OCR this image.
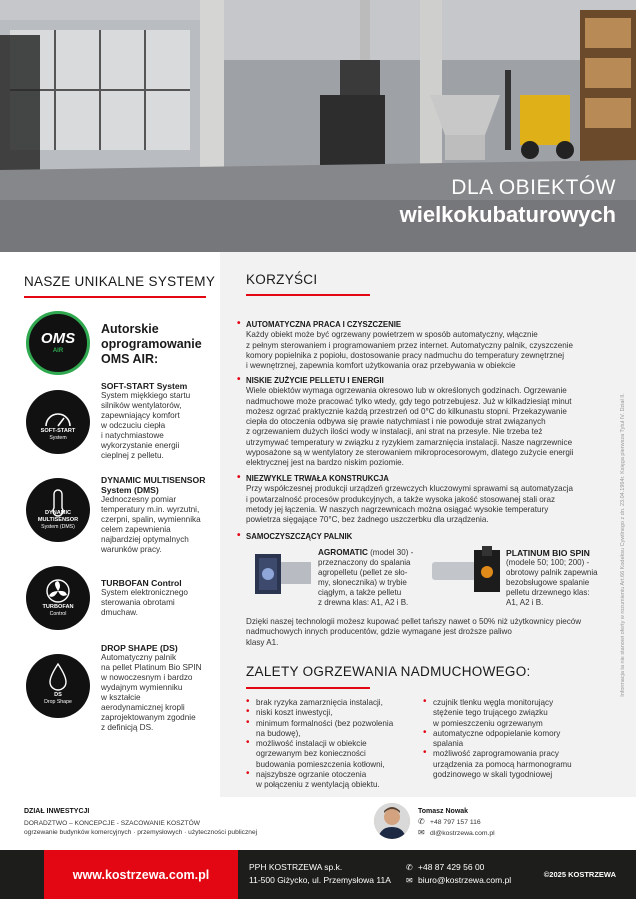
DLA OBIEKTÓW
wielkokubaturowych
NASZE UNIKALNE SYSTEMY
OMS
AIR
Autorskie
oprogramowanie
OMS AIR:
SOFT-START
System
DYNAMIC MULTISENSOR
System (DMS)
TURBOFAN
Control
DS
Drop Shape
SOFT-START System
System miękkiego startu
silników wentylatorów,
zapewniający komfort
w odczuciu ciepła
i natychmiastowe
wykorzystanie energii
cieplnej z pelletu.
DYNAMIC MULTISENSOR System (DMS)
Jednoczesny pomiar
temperatury m.in. wyrzutni,
czerpni, spalin, wymiennika
celem zapewnienia
najbardziej optymalnych
warunków pracy.
TURBOFAN Control
System elektronicznego
sterowania obrotami
dmuchaw.
DROP SHAPE (DS)
Automatyczny palnik
na pellet Platinum Bio SPIN
w nowoczesnym i bardzo
wydajnym wymienniku
w kształcie
aerodynamicznej kropli
zaprojektowanym zgodnie
z definicją DS.
KORZYŚCI
• AUTOMATYCZNA PRACA I CZYSZCZENIE
Każdy obiekt może być ogrzewany powietrzem w sposób automatyczny, włącznie
z pełnym sterowaniem i programowaniem przez internet. Automatyczny palnik, czyszczenie
komory popielnika z popiołu, dostosowanie pracy nadmuchu do temperatury zewnętrznej
i wewnętrznej, zapewnia komfort użytkowania oraz przebywania w obiekcie
• NISKIE ZUŻYCIE PELLETU I ENERGII
Wiele obiektów wymaga ogrzewania okresowo lub w określonych godzinach. Ogrzewanie
nadmuchowe może pracować tylko wtedy, gdy tego potrzebujesz. Już w kilkadziesiąt minut
możesz ogrzać praktycznie każdą przestrzeń od 0°C do kilkunastu stopni. Przekazywanie
ciepła do otoczenia odbywa się prawie natychmiast i nie powoduje strat związanych
z ogrzewaniem dużych ilości wody w instalacji, ani strat na przesyle. Nie trzeba też
utrzymywać temperatury w związku z ryzykiem zamarznięcia instalacji. Nasze nagrzewnice
wyposażone są w wentylatory ze sterowaniem mikroprocesorowym, dlatego zużycie energii
elektrycznej jest na bardzo niskim poziomie.
• NIEZWYKLE TRWAŁA KONSTRUKCJA
Przy współczesnej produkcji urządzeń grzewczych kluczowymi sprawami są automatyzacja
i powtarzalność procesów produkcyjnych, a także wysoka jakość stosowanej stali oraz
metody jej łączenia. W naszych nagrzewnicach można osiągać wysokie temperatury
powietrza sięgające 70°C, bez żadnego uszczerbku dla urządzenia.
• SAMOCZYSZCZĄCY PALNIK
AGROMATIC (model 30) -
przeznaczony do spalania
agropelletu (pellet ze sło-
my, słonecznika) w trybie
ciągłym, a także pelletu
z drewna klas: A1, A2 i B.
PLATINUM BIO SPIN
(modele 50; 100; 200) -
obrotowy palnik zapewnia
bezobsługowe spalanie
pelletu drzewnego klas:
A1, A2 i B.
Dzięki naszej technologii możesz kupować pellet tańszy nawet o 50% niż użytkownicy pieców
nadmuchowych innych producentów, gdzie wymagane jest droższe paliwo
klasy A1.
ZALETY OGRZEWANIA NADMUCHOWEGO:
• brak ryzyka zamarznięcia instalacji,
• niski koszt inwestycji,
• minimum formalności (bez pozwolenia
na budowę),
• możliwość instalacji w obiekcie
ogrzewanym bez konieczności
budowania pomieszczenia kotłowni,
• najszybsze ogrzanie otoczenia
w połączeniu z wentylacją obiektu.
• czujnik tlenku węgla monitorujący
stężenie tego trującego związku
w pomieszczeniu ogrzewanym
• automatyczne odpopielanie komory
spalania
• możliwość zaprogramowania pracy
urządzenia za pomocą harmonogramu
godzinowego w skali tygodniowej
Informacja ta nie stanowi oferty w rozumieniu Art.66 Kodeksu Cywilnego z dn. 23.04.1964r. Księga pierwsza Tytuł IV. Dział II.
DZIAŁ INWESTYCJI
DORADZTWO – KONCEPCJE - SZACOWANIE KOSZTÓW
ogrzewanie budynków komercyjnych · przemysłowych · użyteczności publicznej
Tomasz Nowak
✆ +48 797 157 116
✉ dl@kostrzewa.com.pl
www.kostrzewa.com.pl
PPH KOSTRZEWA sp.k.
11-500 Giżycko, ul. Przemysłowa 11A
✆ +48 87 429 56 00
✉ biuro@kostrzewa.com.pl
©2025 KOSTRZEWA
